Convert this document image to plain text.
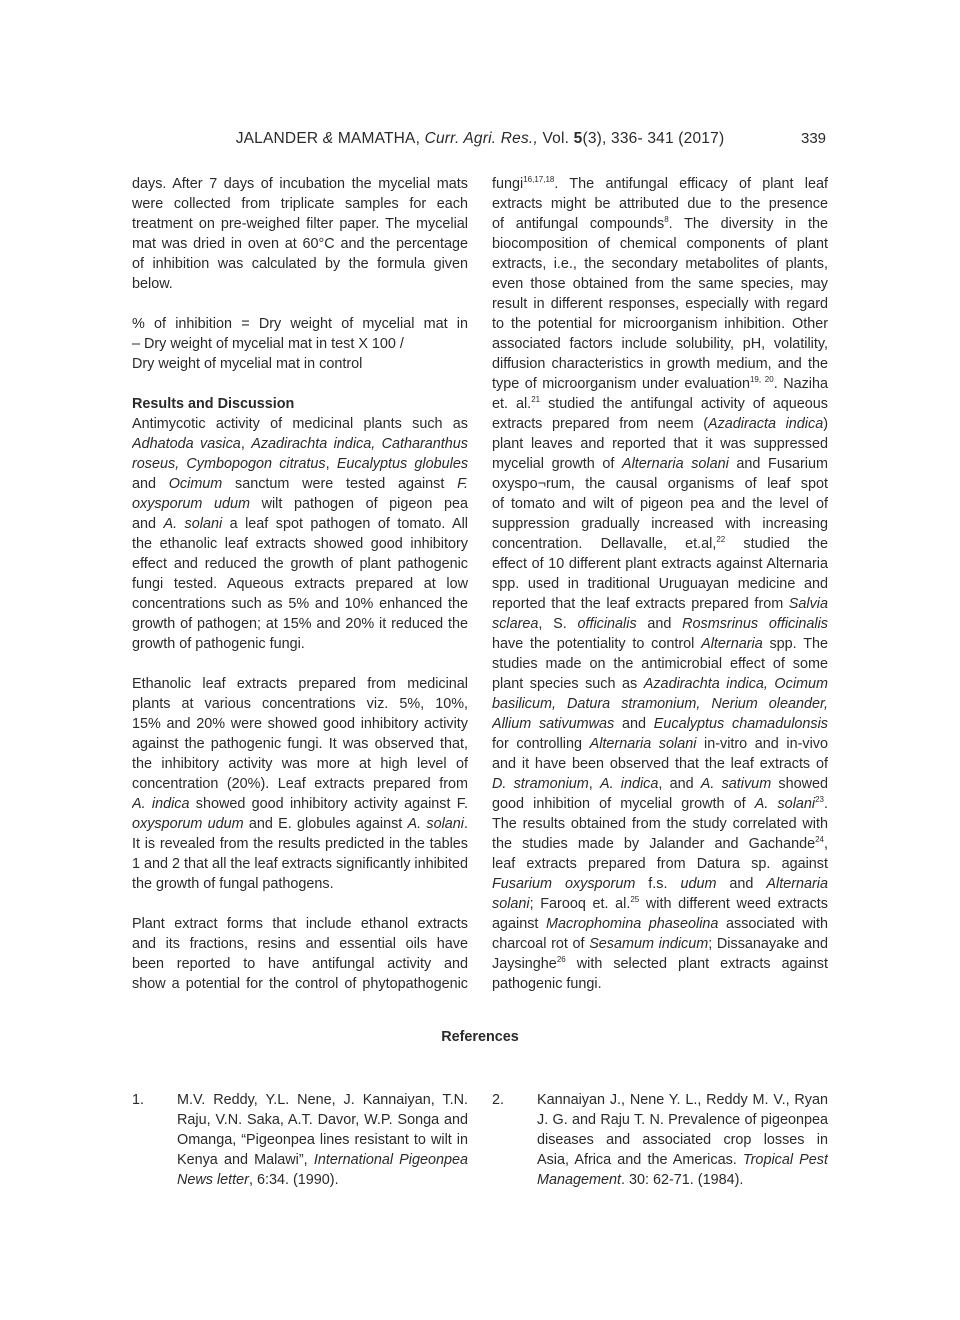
JALANDER & MAMATHA, Curr. Agri. Res., Vol. 5(3), 336- 341 (2017)	339
days. After 7 days of incubation the mycelial mats
were collected from triplicate samples for each
treatment on pre-weighed filter paper. The mycelial
mat was dried in oven at 60°C and the percentage
of inhibition was calculated by the formula given
below.
% of inhibition = Dry weight of mycelial mat in
– Dry weight of mycelial mat in test X 100 /
Dry weight of mycelial mat in control
Results and Discussion
Antimycotic activity of medicinal plants such as
Adhatoda vasica, Azadirachta indica, Catharanthus
roseus, Cymbopogon citratus, Eucalyptus globules
and Ocimum sanctum were tested against F.
oxysporum udum wilt pathogen of pigeon pea
and A. solani a leaf spot pathogen of tomato. All
the ethanolic leaf extracts showed good inhibitory
effect and reduced the growth of plant pathogenic
fungi tested. Aqueous extracts prepared at low
concentrations such as 5% and 10% enhanced the
growth of pathogen; at 15% and 20% it reduced the
growth of pathogenic fungi.
Ethanolic leaf extracts prepared from medicinal
plants at various concentrations viz. 5%, 10%,
15% and 20% were showed good inhibitory activity
against the pathogenic fungi. It was observed that,
the inhibitory activity was more at high level of
concentration (20%). Leaf extracts prepared from
A. indica showed good inhibitory activity against F.
oxysporum udum and E. globules against A. solani.
It is revealed from the results predicted in the tables
1 and 2 that all the leaf extracts significantly inhibited
the growth of fungal pathogens.
Plant extract forms that include ethanol extracts
and its fractions, resins and essential oils have
been reported to have antifungal activity and
show a potential for the control of phytopathogenic
fungi$^{16,17,18}$. The antifungal efficacy of plant leaf
extracts might be attributed due to the presence
of antifungal compounds$^8$. The diversity in the
biocomposition of chemical components of plant
extracts, i.e., the secondary metabolites of plants,
even those obtained from the same species, may
result in different responses, especially with regard
to the potential for microorganism inhibition. Other
associated factors include solubility, pH, volatility,
diffusion characteristics in growth medium, and the
type of microorganism under evaluation$^{19, 20}$. Naziha
et. al.$^{21}$ studied the antifungal activity of aqueous
extracts prepared from neem (Azadiracta indica)
plant leaves and reported that it was suppressed
mycelial growth of Alternaria solani and Fusarium
oxyspo¬rum, the causal organisms of leaf spot
of tomato and wilt of pigeon pea and the level of
suppression gradually increased with increasing
concentration. Dellavalle, et.al,$^{22}$ studied the
effect of 10 different plant extracts against Alternaria
spp. used in traditional Uruguayan medicine and
reported that the leaf extracts prepared from Salvia
sclarea, S. officinalis and Rosmsrinus officinalis
have the potentiality to control Alternaria spp. The
studies made on the antimicrobial effect of some
plant species such as Azadirachta indica, Ocimum
basilicum, Datura stramonium, Nerium oleander,
Allium sativumwas and Eucalyptus chamadulonsis
for controlling Alternaria solani in-vitro and in-vivo
and it have been observed that the leaf extracts of
D. stramonium, A. indica, and A. sativum showed
good inhibition of mycelial growth of A. solani$^{23}$.
The results obtained from the study correlated with
the studies made by Jalander and Gachande$^{24}$,
leaf extracts prepared from Datura sp. against
Fusarium oxysporum f.s. udum and Alternaria
solani; Farooq et. al.$^{25}$ with different weed extracts
against Macrophomina phaseolina associated with
charcoal rot of Sesamum indicum; Dissanayake and
Jaysinghe$^{26}$ with selected plant extracts against
pathogenic fungi.
References
1. M.V. Reddy, Y.L. Nene, J. Kannaiyan, T.N.
Raju, V.N. Saka, A.T. Davor, W.P. Songa and
Omanga, “Pigeonpea lines resistant to wilt in
Kenya and Malawi”, International Pigeonpea
News letter, 6:34. (1990).
2. Kannaiyan J., Nene Y. L., Reddy M. V., Ryan
J. G. and Raju T. N. Prevalence of pigeonpea
diseases and associated crop losses in
Asia, Africa and the Americas. Tropical Pest
Management. 30: 62-71. (1984).
